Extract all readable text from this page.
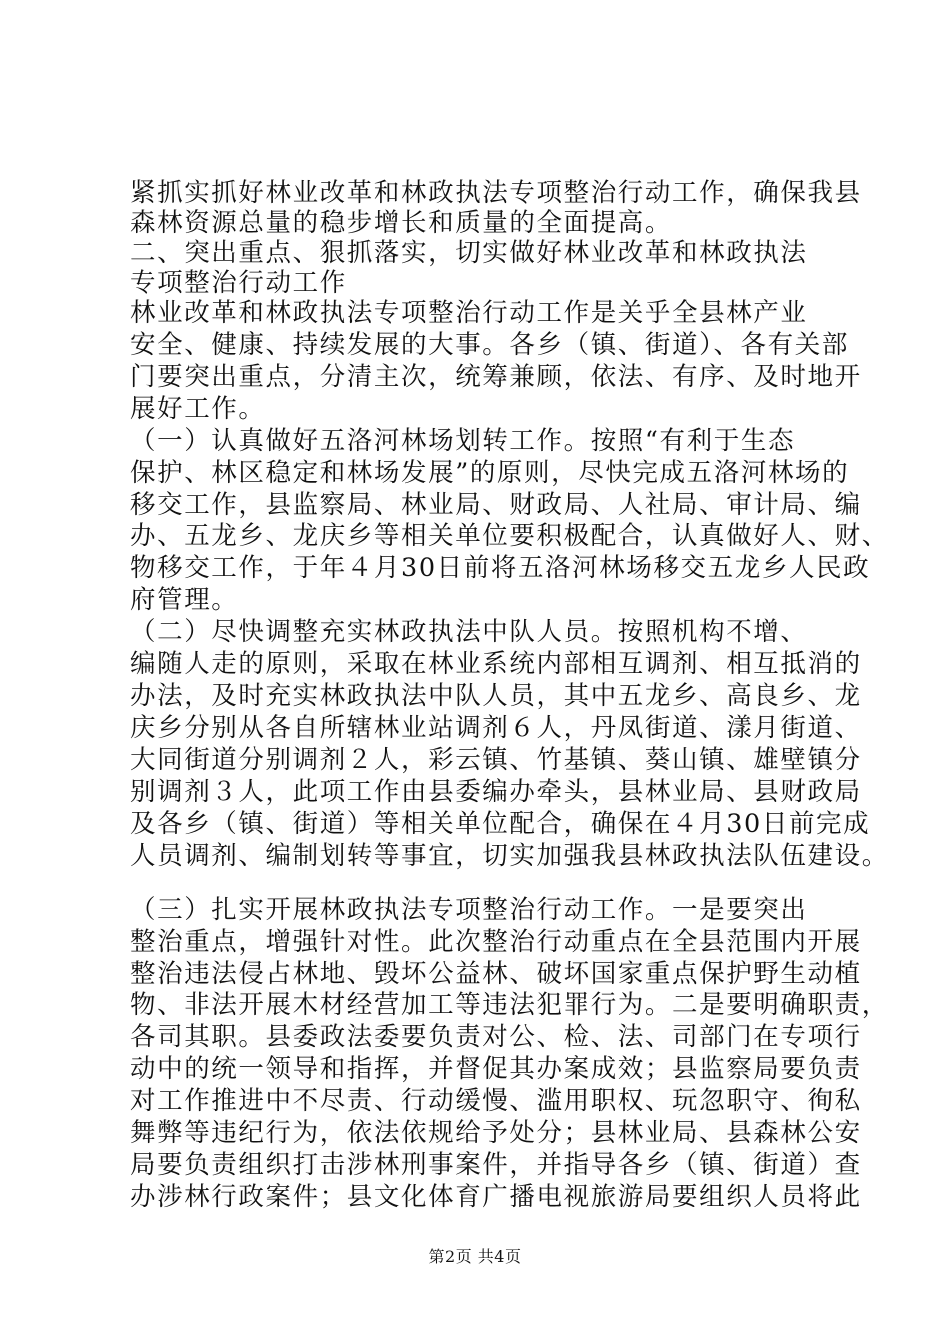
第2页 共4页
紧抓实抓好林业改革和林政执法专项整治行动工作，确保我县
森林资源总量的稳步增长和质量的全面提高。
二、突出重点、狠抓落实，切实做好林业改革和林政执法
专项整治行动工作
林业改革和林政执法专项整治行动工作是关乎全县林产业
安全、健康、持续发展的大事。各乡（镇、街道）、各有关部
门要突出重点，分清主次，统筹兼顾，依法、有序、及时地开
展好工作。
（一）认真做好五洛河林场划转工作。按照“有利于生态
保护、林区稳定和林场发展”的原则，尽快完成五洛河林场的
移交工作，县监察局、林业局、财政局、人社局、审计局、编
办、五龙乡、龙庆乡等相关单位要积极配合，认真做好人、财、
物移交工作，于年４月30日前将五洛河林场移交五龙乡人民政
府管理。
（二）尽快调整充实林政执法中队人员。按照机构不增、
编随人走的原则，采取在林业系统内部相互调剂、相互抵消的
办法，及时充实林政执法中队人员，其中五龙乡、高良乡、龙
庆乡分别从各自所辖林业站调剂６人，丹凤街道、漾月街道、
大同街道分别调剂２人，彩云镇、竹基镇、葵山镇、雄壁镇分
别调剂３人，此项工作由县委编办牵头，县林业局、县财政局
及各乡（镇、街道）等相关单位配合，确保在４月30日前完成
人员调剂、编制划转等事宜，切实加强我县林政执法队伍建设。
（三）扎实开展林政执法专项整治行动工作。一是要突出
整治重点，增强针对性。此次整治行动重点在全县范围内开展
整治违法侵占林地、毁坏公益林、破坏国家重点保护野生动植
物、非法开展木材经营加工等违法犯罪行为。二是要明确职责，
各司其职。县委政法委要负责对公、检、法、司部门在专项行
动中的统一领导和指挥，并督促其办案成效；县监察局要负责
对工作推进中不尽责、行动缓慢、滥用职权、玩忽职守、徇私
舞弊等违纪行为，依法依规给予处分；县林业局、县森林公安
局要负责组织打击涉林刑事案件，并指导各乡（镇、街道）查
办涉林行政案件；县文化体育广播电视旅游局要组织人员将此
